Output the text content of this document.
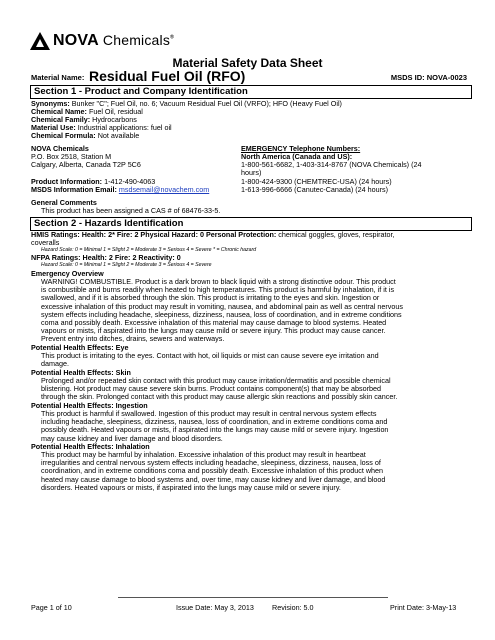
NOVA Chemicals®
Material Safety Data Sheet
Material Name: Residual Fuel Oil (RFO)	MSDS ID: NOVA-0023
Section 1 - Product and Company Identification
Synonyms: Bunker "C"; Fuel Oil, no. 6; Vacuum Residual Fuel Oil (VRFO); HFO (Heavy Fuel Oil)
Chemical Name: Fuel Oil, residual
Chemical Family: Hydrocarbons
Material Use: Industrial applications: fuel oil
Chemical Formula: Not available
NOVA Chemicals
P.O. Box 2518, Station M
Calgary, Alberta, Canada T2P 5C6
Product Information: 1-412-490-4063
MSDS Information Email: msdsemail@novachem.com
EMERGENCY Telephone Numbers:
North America (Canada and US):
1-800-561-6682, 1-403-314-8767 (NOVA Chemicals) (24
hours)
1-800-424-9300 (CHEMTREC-USA) (24 hours)
1-613-996-6666 (Canutec-Canada) (24 hours)
General Comments
This product has been assigned a CAS # of 68476-33-5.
Section 2 - Hazards Identification
HMIS Ratings: Health: 2* Fire: 2 Physical Hazard: 0 Personal Protection: chemical goggles, gloves, respirator,
coveralls
Hazard Scale: 0 = Minimal 1 = Slight 2 = Moderate 3 = Serious 4 = Severe * = Chronic hazard
NFPA Ratings: Health: 2 Fire: 2 Reactivity: 0
Hazard Scale: 0 = Minimal 1 = Slight 2 = Moderate 3 = Serious 4 = Severe
Emergency Overview
WARNING! COMBUSTIBLE. Product is a dark brown to black liquid with a strong distinctive odour. This product
is combustible and burns readily when heated to high temperatures. This product is harmful by inhalation, if it is
swallowed, and if it is absorbed through the skin. This product is irritating to the eyes and skin. Ingestion or
excessive inhalation of this product may result in vomiting, nausea, and abdominal pain as well as central nervous
system effects including headache, sleepiness, dizziness, nausea, loss of coordination, and in extreme conditions
coma and possibly death. Excessive inhalation of this material may cause damage to blood systems. Heated
vapours or mists, if aspirated into the lungs may cause mild or severe injury. This product may cause cancer.
Prevent entry into ditches, drains, sewers and waterways.
Potential Health Effects: Eye
This product is irritating to the eyes. Contact with hot, oil liquids or mist can cause severe eye irritation and
damage.
Potential Health Effects: Skin
Prolonged and/or repeated skin contact with this product may cause irritation/dermatitis and possible chemical
blistering. Hot product may cause severe skin burns. Product contains component(s) that may be absorbed
through the skin. Prolonged contact with this product may cause allergic skin reactions and possibly skin cancer.
Potential Health Effects: Ingestion
This product is harmful if swallowed. Ingestion of this product may result in central nervous system effects
including headache, sleepiness, dizziness, nausea, loss of coordination, and in extreme conditions coma and
possibly death. Heated vapours or mists, if aspirated into the lungs may cause mild or severe injury. Ingestion
may cause kidney and liver damage and blood disorders.
Potential Health Effects: Inhalation
This product may be harmful by inhalation. Excessive inhalation of this product may result in heartbeat
irregularities and central nervous system effects including headache, sleepiness, dizziness, nausea, loss of
coordination, and in extreme conditions coma and possibly death. Excessive inhalation of this product when
heated may cause damage to blood systems and, over time, may cause kidney and liver damage, and blood
disorders. Heated vapours or mists, if aspirated into the lungs may cause mild or severe injury.
Page 1 of 10	Issue Date: May 3, 2013	Revision: 5.0	Print Date: 3-May-13
